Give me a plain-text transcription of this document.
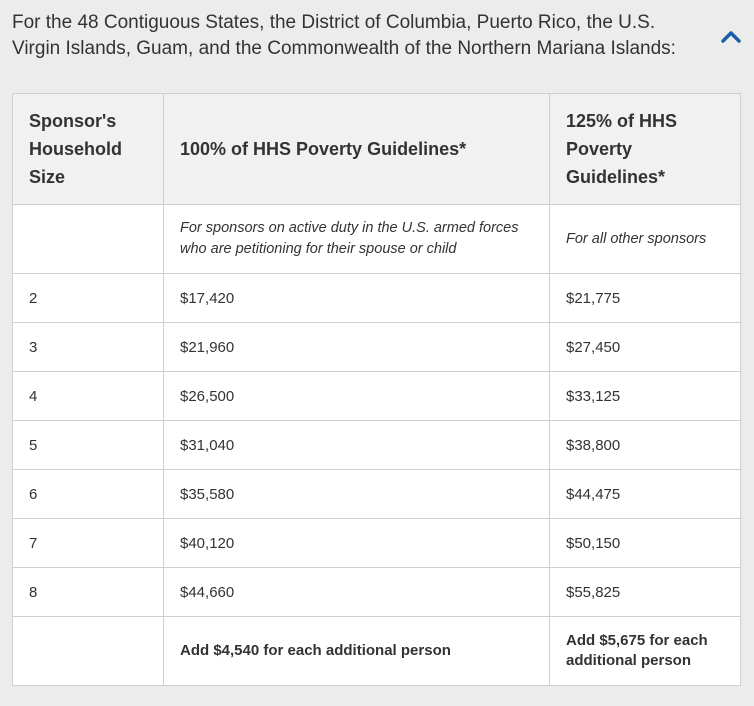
For the 48 Contiguous States, the District of Columbia, Puerto Rico, the U.S. Virgin Islands, Guam, and the Commonwealth of the Northern Mariana Islands:
Sponsor's Household Size	100% of HHS Poverty Guidelines*	125% of HHS Poverty Guidelines*
	For sponsors on active duty in the U.S. armed forces who are petitioning for their spouse or child	For all other sponsors
2	$17,420	$21,775
3	$21,960	$27,450
4	$26,500	$33,125
5	$31,040	$38,800
6	$35,580	$44,475
7	$40,120	$50,150
8	$44,660	$55,825
	Add $4,540 for each additional person	Add $5,675 for each additional person
